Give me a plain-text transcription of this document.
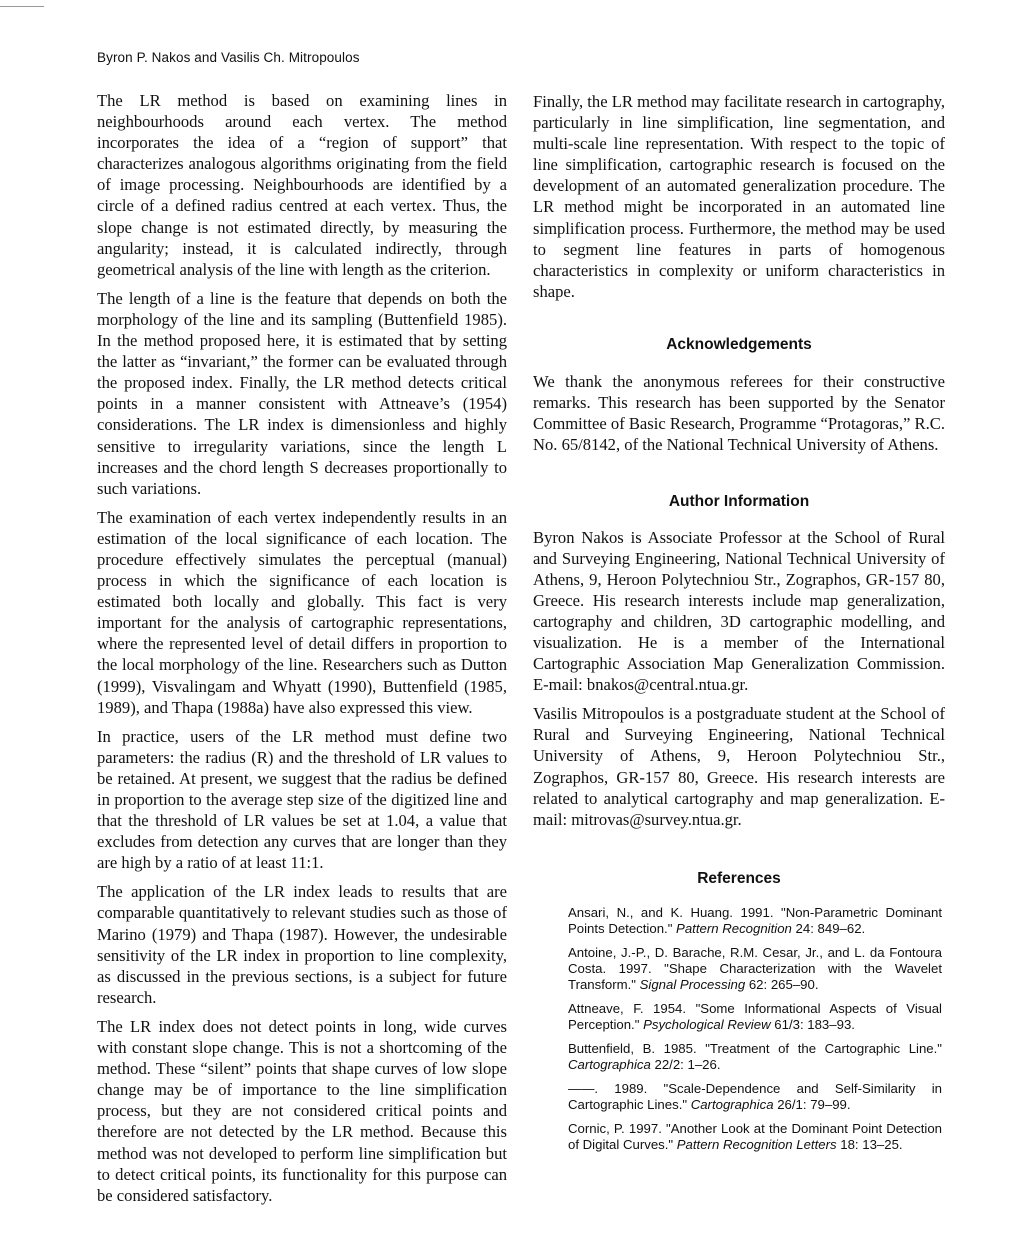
Byron P. Nakos and Vasilis Ch. Mitropoulos

The LR method is based on examining lines in neighbourhoods around each vertex. The method incorporates the idea of a “region of support” that characterizes analogous algorithms originating from the field of image processing. Neighbourhoods are identified by a circle of a defined radius centred at each vertex. Thus, the slope change is not estimated directly, by measuring the angularity; instead, it is calculated indirectly, through geometrical analysis of the line with length as the criterion.

The length of a line is the feature that depends on both the morphology of the line and its sampling (Buttenfield 1985). In the method proposed here, it is estimated that by setting the latter as “invariant,” the former can be evaluated through the proposed index. Finally, the LR method detects critical points in a manner consistent with Attneave’s (1954) considerations. The LR index is dimensionless and highly sensitive to irregularity variations, since the length L increases and the chord length S decreases proportionally to such variations.

The examination of each vertex independently results in an estimation of the local significance of each location. The procedure effectively simulates the perceptual (manual) process in which the significance of each location is estimated both locally and globally. This fact is very important for the analysis of cartographic representations, where the represented level of detail differs in proportion to the local morphology of the line. Researchers such as Dutton (1999), Visvalingam and Whyatt (1990), Buttenfield (1985, 1989), and Thapa (1988a) have also expressed this view.

In practice, users of the LR method must define two parameters: the radius (R) and the threshold of LR values to be retained. At present, we suggest that the radius be defined in proportion to the average step size of the digitized line and that the threshold of LR values be set at 1.04, a value that excludes from detection any curves that are longer than they are high by a ratio of at least 11:1.

The application of the LR index leads to results that are comparable quantitatively to relevant studies such as those of Marino (1979) and Thapa (1987). However, the undesirable sensitivity of the LR index in proportion to line complexity, as discussed in the previous sections, is a subject for future research.

The LR index does not detect points in long, wide curves with constant slope change. This is not a shortcoming of the method. These “silent” points that shape curves of low slope change may be of importance to the line simplification process, but they are not considered critical points and therefore are not detected by the LR method. Because this method was not developed to perform line simplification but to detect critical points, its functionality for this purpose can be considered satisfactory.

Finally, the LR method may facilitate research in cartography, particularly in line simplification, line segmentation, and multi-scale line representation. With respect to the topic of line simplification, cartographic research is focused on the development of an automated generalization procedure. The LR method might be incorporated in an automated line simplification process. Furthermore, the method may be used to segment line features in parts of homogenous characteristics in complexity or uniform characteristics in shape.

Acknowledgements

We thank the anonymous referees for their constructive remarks. This research has been supported by the Senator Committee of Basic Research, Programme “Protagoras,” R.C. No. 65/8142, of the National Technical University of Athens.

Author Information

Byron Nakos is Associate Professor at the School of Rural and Surveying Engineering, National Technical University of Athens, 9, Heroon Polytechniou Str., Zographos, GR-157 80, Greece. His research interests include map generalization, cartography and children, 3D cartographic modelling, and visualization. He is a member of the International Cartographic Association Map Generalization Commission. E-mail: bnakos@central.ntua.gr.

Vasilis Mitropoulos is a postgraduate student at the School of Rural and Surveying Engineering, National Technical University of Athens, 9, Heroon Polytechniou Str., Zographos, GR-157 80, Greece. His research interests are related to analytical cartography and map generalization. E-mail: mitrovas@survey.ntua.gr.

References

Ansari, N., and K. Huang. 1991. "Non-Parametric Dominant Points Detection." Pattern Recognition 24: 849–62.

Antoine, J.-P., D. Barache, R.M. Cesar, Jr., and L. da Fontoura Costa. 1997. "Shape Characterization with the Wavelet Transform." Signal Processing 62: 265–90.

Attneave, F. 1954. "Some Informational Aspects of Visual Perception." Psychological Review 61/3: 183–93.

Buttenfield, B. 1985. "Treatment of the Cartographic Line." Cartographica 22/2: 1–26.

——. 1989. "Scale-Dependence and Self-Similarity in Cartographic Lines." Cartographica 26/1: 79–99.

Cornic, P. 1997. "Another Look at the Dominant Point Detection of Digital Curves." Pattern Recognition Letters 18: 13–25.
